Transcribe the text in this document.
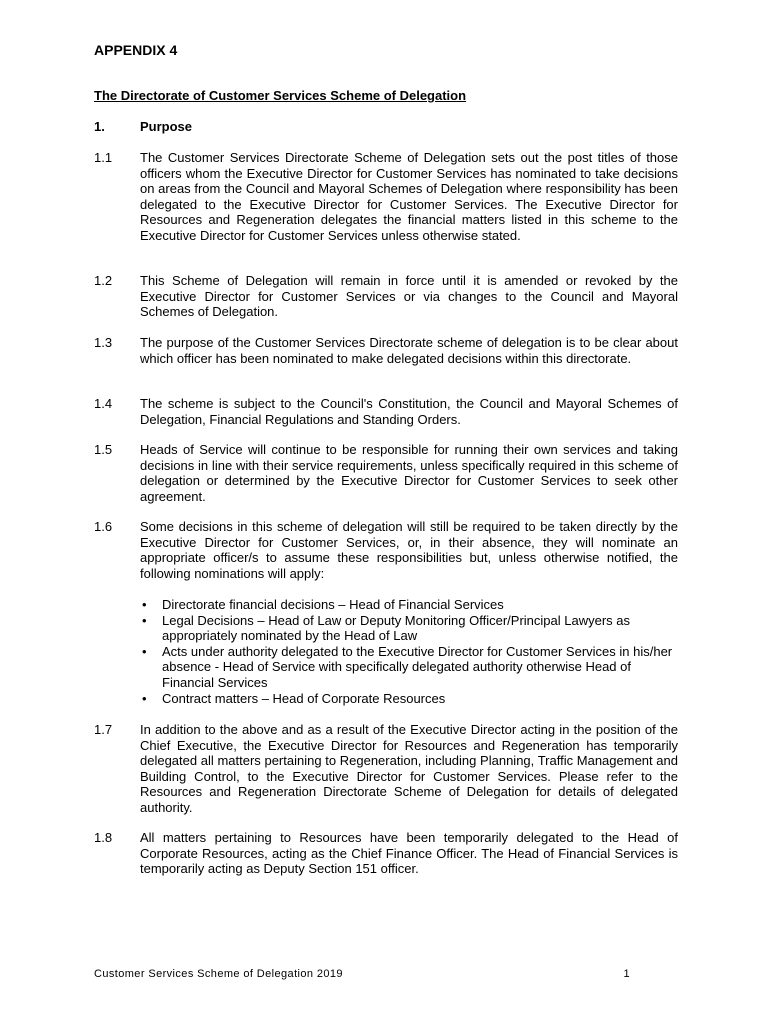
APPENDIX 4
The Directorate of Customer Services Scheme of Delegation
1.	Purpose
1.1 The Customer Services Directorate Scheme of Delegation sets out the post titles of those officers whom the Executive Director for Customer Services has nominated to take decisions on areas from the Council and Mayoral Schemes of Delegation where responsibility has been delegated to the Executive Director for Customer Services. The Executive Director for Resources and Regeneration delegates the financial matters listed in this scheme to the Executive Director for Customer Services unless otherwise stated.
1.2 This Scheme of Delegation will remain in force until it is amended or revoked by the Executive Director for Customer Services or via changes to the Council and Mayoral Schemes of Delegation.
1.3 The purpose of the Customer Services Directorate scheme of delegation is to be clear about which officer has been nominated to make delegated decisions within this directorate.
1.4 The scheme is subject to the Council's Constitution, the Council and Mayoral Schemes of Delegation, Financial Regulations and Standing Orders.
1.5 Heads of Service will continue to be responsible for running their own services and taking decisions in line with their service requirements, unless specifically required in this scheme of delegation or determined by the Executive Director for Customer Services to seek other agreement.
1.6 Some decisions in this scheme of delegation will still be required to be taken directly by the Executive Director for Customer Services, or, in their absence, they will nominate an appropriate officer/s to assume these responsibilities but, unless otherwise notified, the following nominations will apply:
• Directorate financial decisions – Head of Financial Services
• Legal Decisions – Head of Law or Deputy Monitoring Officer/Principal Lawyers as appropriately nominated by the Head of Law
• Acts under authority delegated to the Executive Director for Customer Services in his/her absence - Head of Service with specifically delegated authority otherwise Head of Financial Services
• Contract matters – Head of Corporate Resources
1.7 In addition to the above and as a result of the Executive Director acting in the position of the Chief Executive, the Executive Director for Resources and Regeneration has temporarily delegated all matters pertaining to Regeneration, including Planning, Traffic Management and Building Control, to the Executive Director for Customer Services. Please refer to the Resources and Regeneration Directorate Scheme of Delegation for details of delegated authority.
1.8 All matters pertaining to Resources have been temporarily delegated to the Head of Corporate Resources, acting as the Chief Finance Officer. The Head of Financial Services is temporarily acting as Deputy Section 151 officer.
Customer Services Scheme of Delegation 2019	1
